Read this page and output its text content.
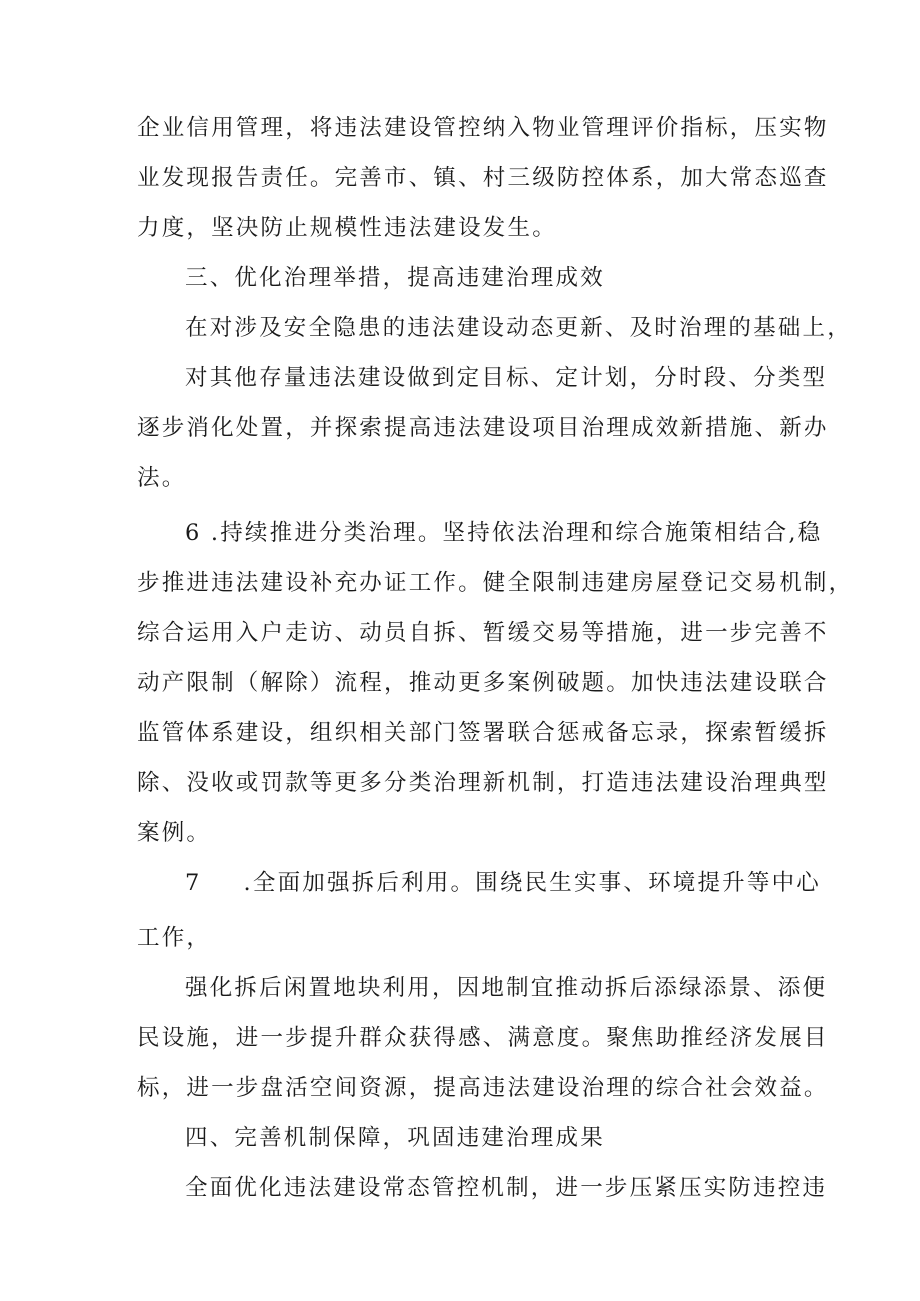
企业信用管理，将违法建设管控纳入物业管理评价指标，压实物
业发现报告责任。完善市、镇、村三级防控体系，加大常态巡查
力度，坚决防止规模性违法建设发生。
三、优化治理举措，提高违建治理成效
在对涉及安全隐患的违法建设动态更新、及时治理的基础上，
对其他存量违法建设做到定目标、定计划，分时段、分类型
逐步消化处置，并探索提高违法建设项目治理成效新措施、新办
法。
6 .持续推进分类治理。坚持依法治理和综合施策相结合,稳
步推进违法建设补充办证工作。健全限制违建房屋登记交易机制，
综合运用入户走访、动员自拆、暂缓交易等措施，进一步完善不
动产限制（解除）流程，推动更多案例破题。加快违法建设联合
监管体系建设，组织相关部门签署联合惩戒备忘录，探索暂缓拆
除、没收或罚款等更多分类治理新机制，打造违法建设治理典型
案例。
7 .全面加强拆后利用。围绕民生实事、环境提升等中心
工作，
强化拆后闲置地块利用，因地制宜推动拆后添绿添景、添便
民设施，进一步提升群众获得感、满意度。聚焦助推经济发展目
标，进一步盘活空间资源，提高违法建设治理的综合社会效益。
四、完善机制保障，巩固违建治理成果
全面优化违法建设常态管控机制，进一步压紧压实防违控违
